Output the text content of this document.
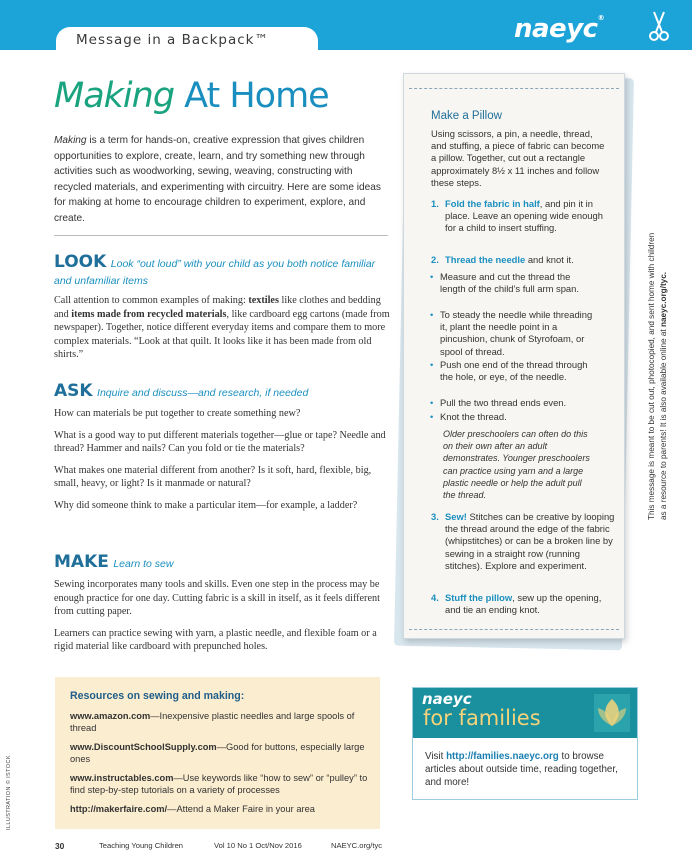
Message in a Backpack™	naeyc®
This message is meant to be cut out, photocopied, and sent home with children as a resource to parents! It is also available online at naeyc.org/tyc.
ILLUSTRATION © ISTOCK
Making At Home
Making is a term for hands-on, creative expression that gives children opportunities to explore, create, learn, and try something new through activities such as woodworking, sewing, weaving, constructing with recycled materials, and experimenting with circuitry. Here are some ideas for making at home to encourage children to experiment, explore, and create.
LOOK Look “out loud” with your child as you both notice familiar and unfamiliar items

Call attention to common examples of making: textiles like clothes and bedding and items made from recycled materials, like cardboard egg cartons (made from newspaper). Together, notice different everyday items and compare them to more complex materials. “Look at that quilt. It looks like it has been made from old shirts.”

ASK Inquire and discuss—and research, if needed

How can materials be put together to create something new?

What is a good way to put different materials together—glue or tape? Needle and thread? Hammer and nails? Can you fold or tie the materials?

What makes one material different from another? Is it soft, hard, flexible, big, small, heavy, or light? Is it manmade or natural?

Why did someone think to make a particular item—for example, a ladder?

MAKE Learn to sew

Sewing incorporates many tools and skills. Even one step in the process may be enough practice for one day. Cutting fabric is a skill in itself, as it feels different from cutting paper.

Learners can practice sewing with yarn, a plastic needle, and flexible foam or a rigid material like cardboard with prepunched holes.

Make a Pillow
Using scissors, a pin, a needle, thread, and stuffing, a piece of fabric can become a pillow. Together, cut out a rectangle approximately 8½ x 11 inches and follow these steps.
1. Fold the fabric in half, and pin it in place. Leave an opening wide enough for a child to insert stuffing.
2. Thread the needle and knot it.
• Measure and cut the thread the length of the child’s full arm span.
• To steady the needle while threading it, plant the needle point in a pincushion, chunk of Styrofoam, or spool of thread.
• Push one end of the thread through the hole, or eye, of the needle.
• Pull the two thread ends even.
• Knot the thread.
Older preschoolers can often do this on their own after an adult demonstrates. Younger preschoolers can practice using yarn and a large plastic needle or help the adult pull the thread.
3. Sew! Stitches can be creative by looping the thread around the edge of the fabric (whipstitches) or can be a broken line by sewing in a straight row (running stitches). Explore and experiment.
4. Stuff the pillow, sew up the opening, and tie an ending knot.
Resources on sewing and making:
www.amazon.com—Inexpensive plastic needles and large spools of thread
www.DiscountSchoolSupply.com—Good for buttons, especially large ones
www.instructables.com—Use keywords like “how to sew” or “pulley” to find step-by-step tutorials on a variety of processes
http://makerfaire.com/—Attend a Maker Faire in your area
naeyc
for families
Visit http://families.naeyc.org to browse articles about outside time, reading together, and more!
30	Teaching Young Children	Vol 10 No 1 Oct/Nov 2016	NAEYC.org/tyc
